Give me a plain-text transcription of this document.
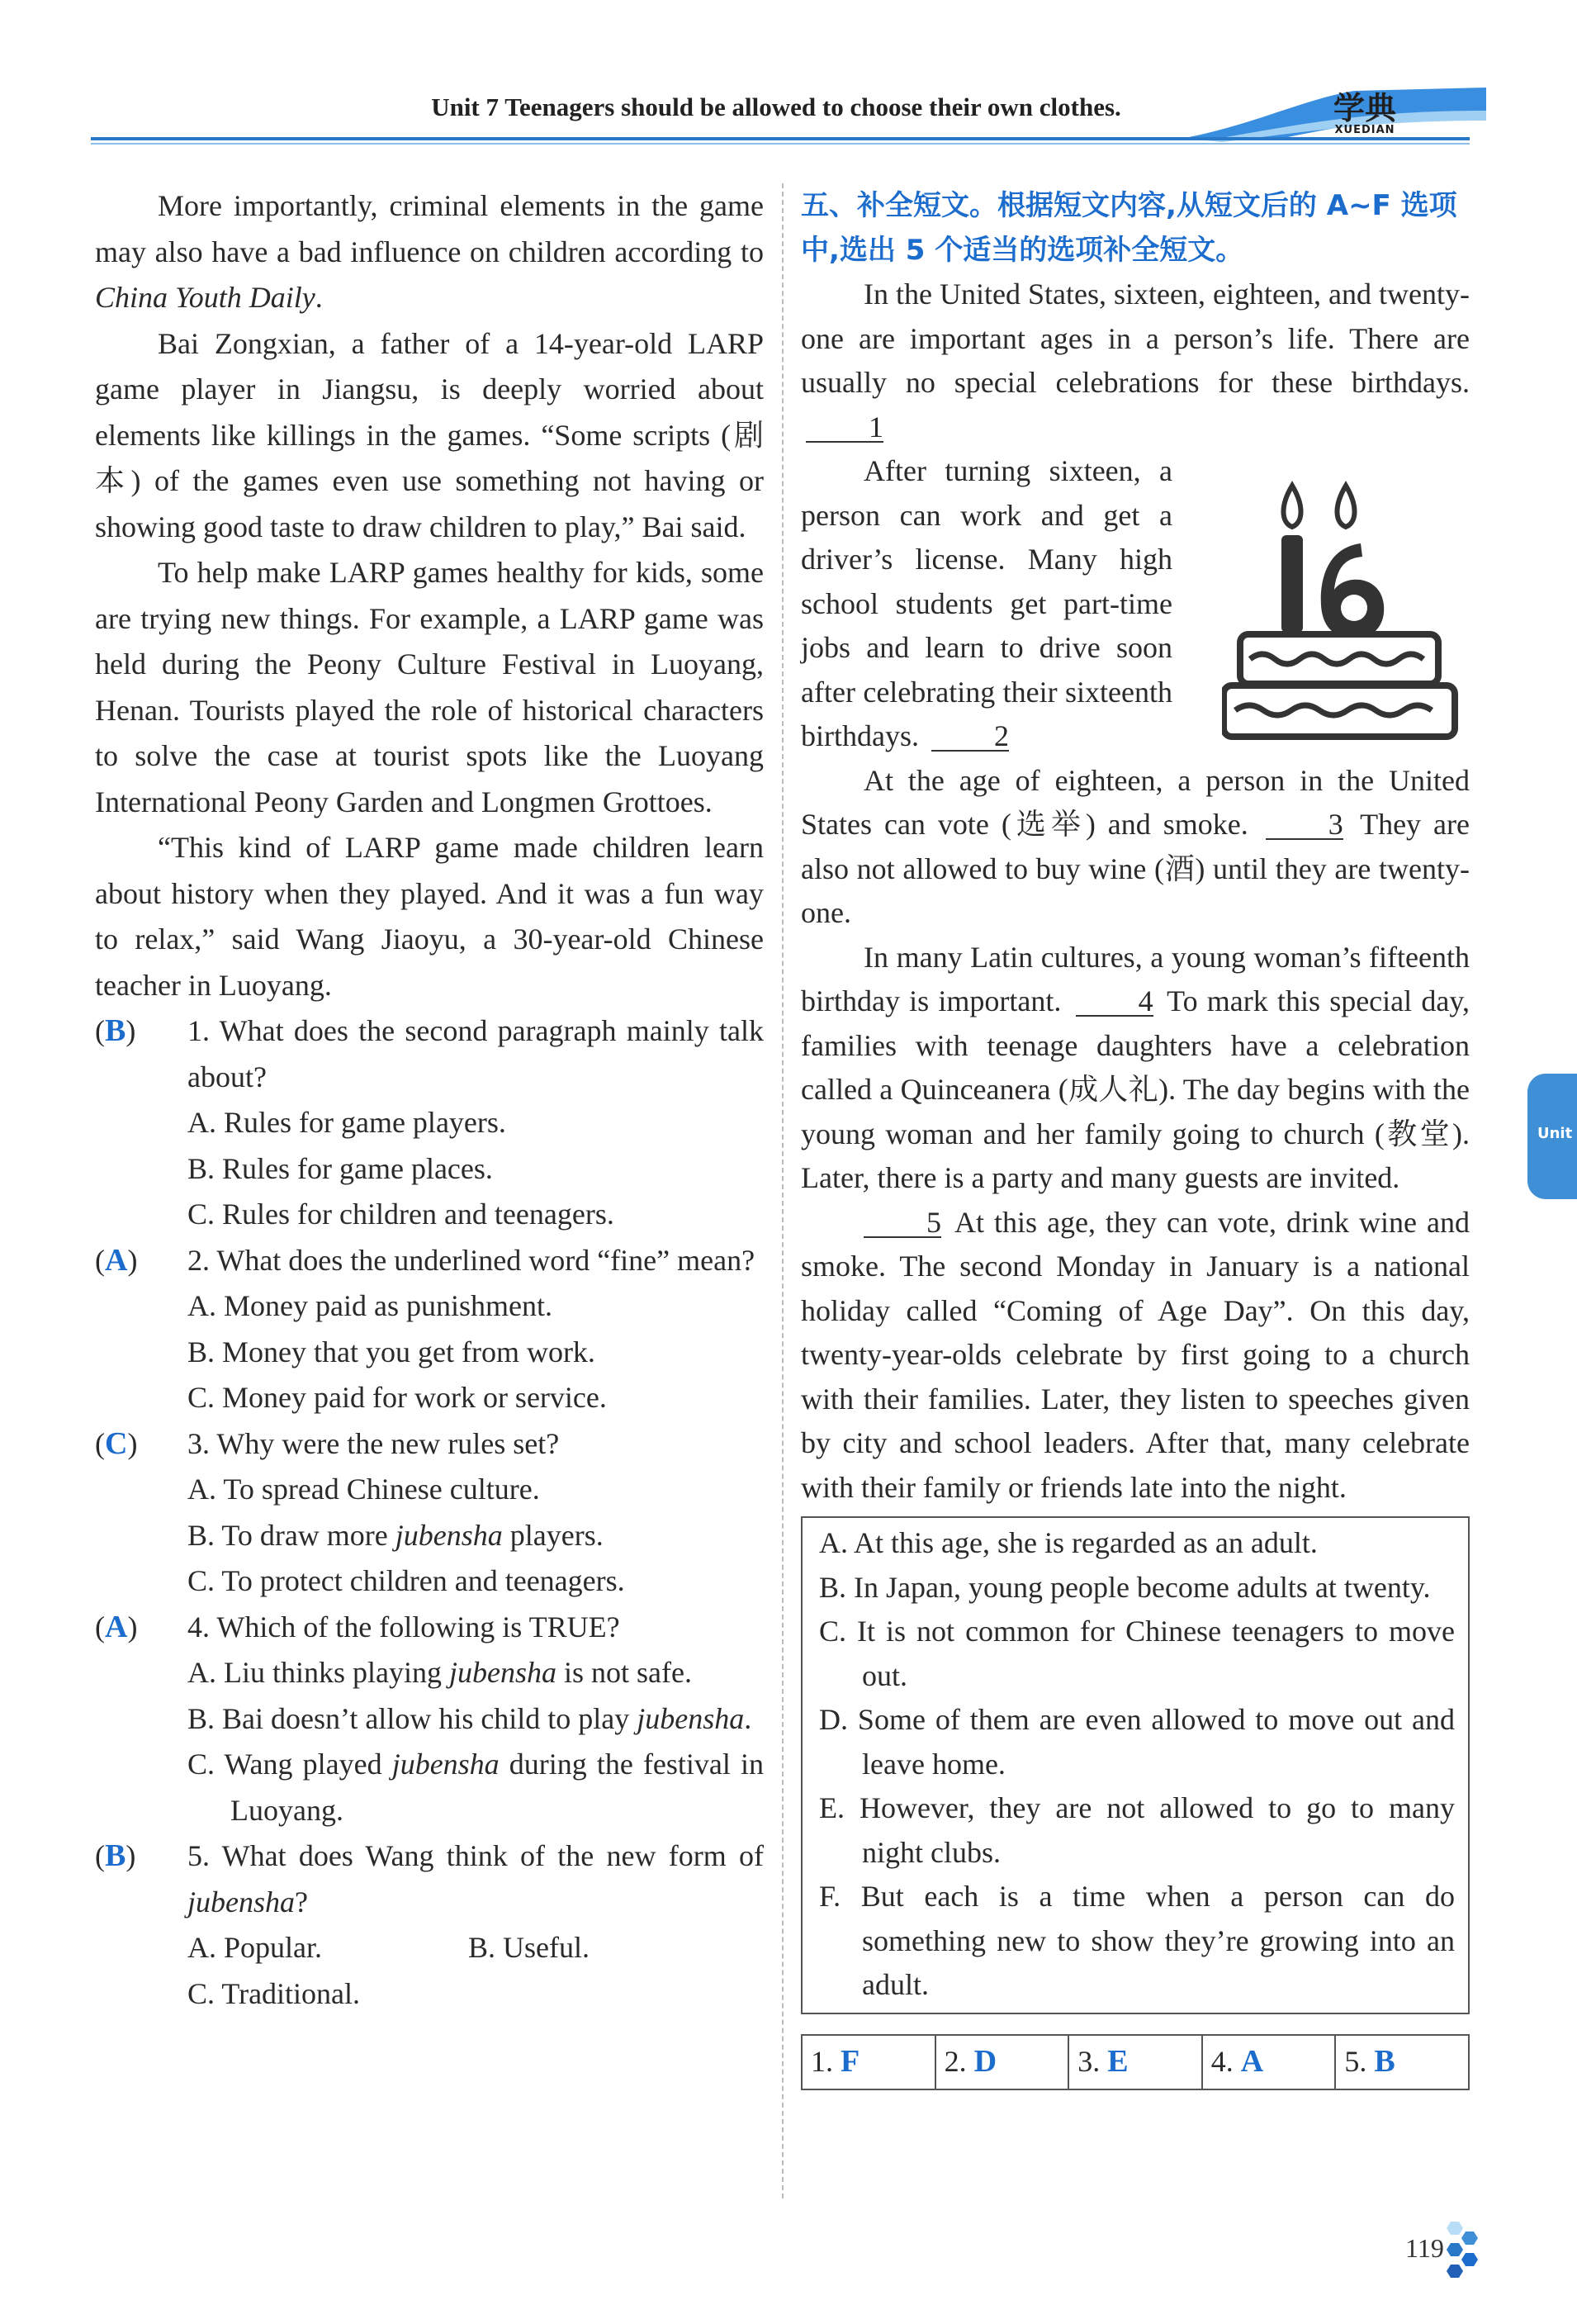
学典
XUEDIAN
Unit 7 Teenagers should be allowed to choose their own clothes.

More importantly, criminal elements in the game may also have a bad influence on children according to China Youth Daily.

Bai Zongxian, a father of a 14-year-old LARP game player in Jiangsu, is deeply worried about elements like killings in the games. “Some scripts (剧本) of the games even use something not having or showing good taste to draw children to play,” Bai said.

To help make LARP games healthy for kids, some are trying new things. For example, a LARP game was held during the Peony Culture Festival in Luoyang, Henan. Tourists played the role of historical characters to solve the case at tourist spots like the Luoyang International Peony Garden and Longmen Grottoes.

“This kind of LARP game made children learn about history when they played. And it was a fun way to relax,” said Wang Jiaoyu, a 30-year-old Chinese teacher in Luoyang.

(B) 1. What does the second paragraph mainly talk about?
A. Rules for game players.
B. Rules for game places.
C. Rules for children and teenagers.
(A) 2. What does the underlined word “fine” mean?
A. Money paid as punishment.
B. Money that you get from work.
C. Money paid for work or service.
(C) 3. Why were the new rules set?
A. To spread Chinese culture.
B. To draw more jubensha players.
C. To protect children and teenagers.
(A) 4. Which of the following is TRUE?
A. Liu thinks playing jubensha is not safe.
B. Bai doesn’t allow his child to play jubensha.
C. Wang played jubensha during the festival in Luoyang.
(B) 5. What does Wang think of the new form of jubensha?
A. Popular.	B. Useful.
C. Traditional.
五、补全短文。根据短文内容,从短文后的 A~F 选项中,选出 5 个适当的选项补全短文。

In the United States, sixteen, eighteen, and twenty-one are important ages in a person’s life. There are usually no special celebrations for these birthdays. 1

After turning sixteen, a person can work and get a driver’s license. Many high school students get part-time jobs and learn to drive soon after celebrating their sixteenth birthdays.	2

At the age of eighteen, a person in the United States can vote (选举) and smoke.	3 They are also not allowed to buy wine (酒) until they are twenty-one.

In many Latin cultures, a young woman’s fifteenth birthday is important.	4 To mark this special day, families with teenage daughters have a celebration called a Quinceanera (成人礼). The day begins with the young woman and her family going to church (教堂). Later, there is a party and many guests are invited.

5 At this age, they can vote, drink wine and smoke. The second Monday in January is a national holiday called “Coming of Age Day”. On this day, twenty-year-olds celebrate by first going to a church with their families. Later, they listen to speeches given by city and school leaders. After that, many celebrate with their family or friends late into the night.

A. At this age, she is regarded as an adult.
B. In Japan, young people become adults at twenty.
C. It is not common for Chinese teenagers to move out.
D. Some of them are even allowed to move out and leave home.
E. However, they are not allowed to go to many night clubs.
F. But each is a time when a person can do something new to show they’re growing into an adult.
1. F	2. D	3. E	4. A	5. B
Unit
119
